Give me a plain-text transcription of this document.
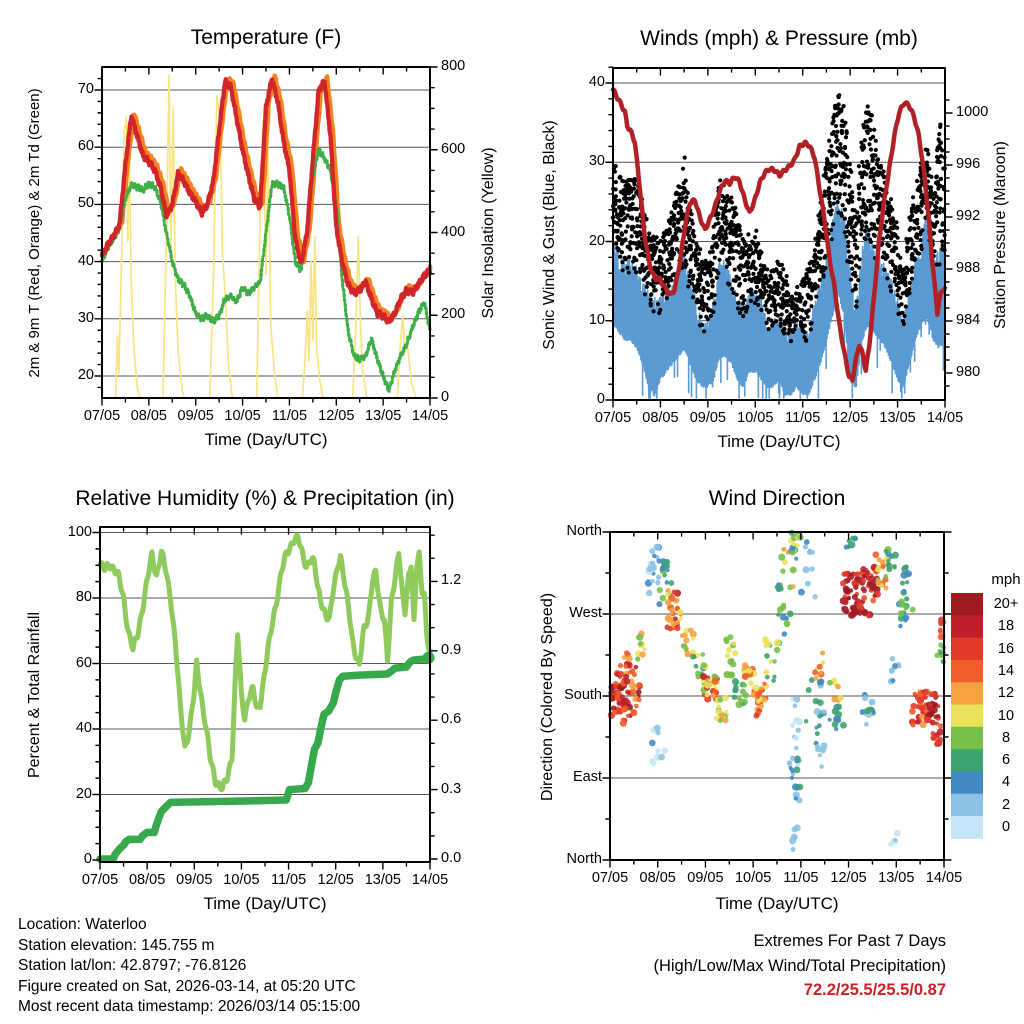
Temperature (F)	Winds (mph) & Pressure (mb)
Relative Humidity (%) & Precipitation (in)	Wind Direction
2m & 9m T (Red, Orange) & 2m Td (Green)	Solar Insolation (Yellow)	Sonic Wind & Gust (Blue, Black)	Station Pressure (Maroon)
Percent & Total Rainfall	Direction (Colored By Speed)
Time (Day/UTC)	Time (Day/UTC)
Time (Day/UTC)	Time (Day/UTC)
mph
Location: Waterloo
Station elevation: 145.755 m
Station lat/lon: 42.8797; -76.8126
Figure created on Sat, 2026-03-14, at 05:20 UTC
Most recent data timestamp: 2026/03/14 05:15:00
Extremes For Past 7 Days
(High/Low/Max Wind/Total Precipitation)
72.2/25.5/25.5/0.87
07/05 08/05 09/05 10/05 11/05 12/05 13/05 14/05
20
30
40
50
60
70
0
200
400
600
800
07/05 08/05 09/05 10/05 11/05 12/05 13/05 14/05
0
10
20
30
40
980
984
988
992
996
1000
07/05 08/05 09/05 10/05 11/05 12/05 13/05 14/05
0
20
40
60
80
100
0.0
0.3
0.6
0.9
1.2
07/05 08/05 09/05 10/05 11/05 12/05 13/05 14/05
North
West
South
East
North
20+
18
16
14
12
10
8
6
4
2
0
